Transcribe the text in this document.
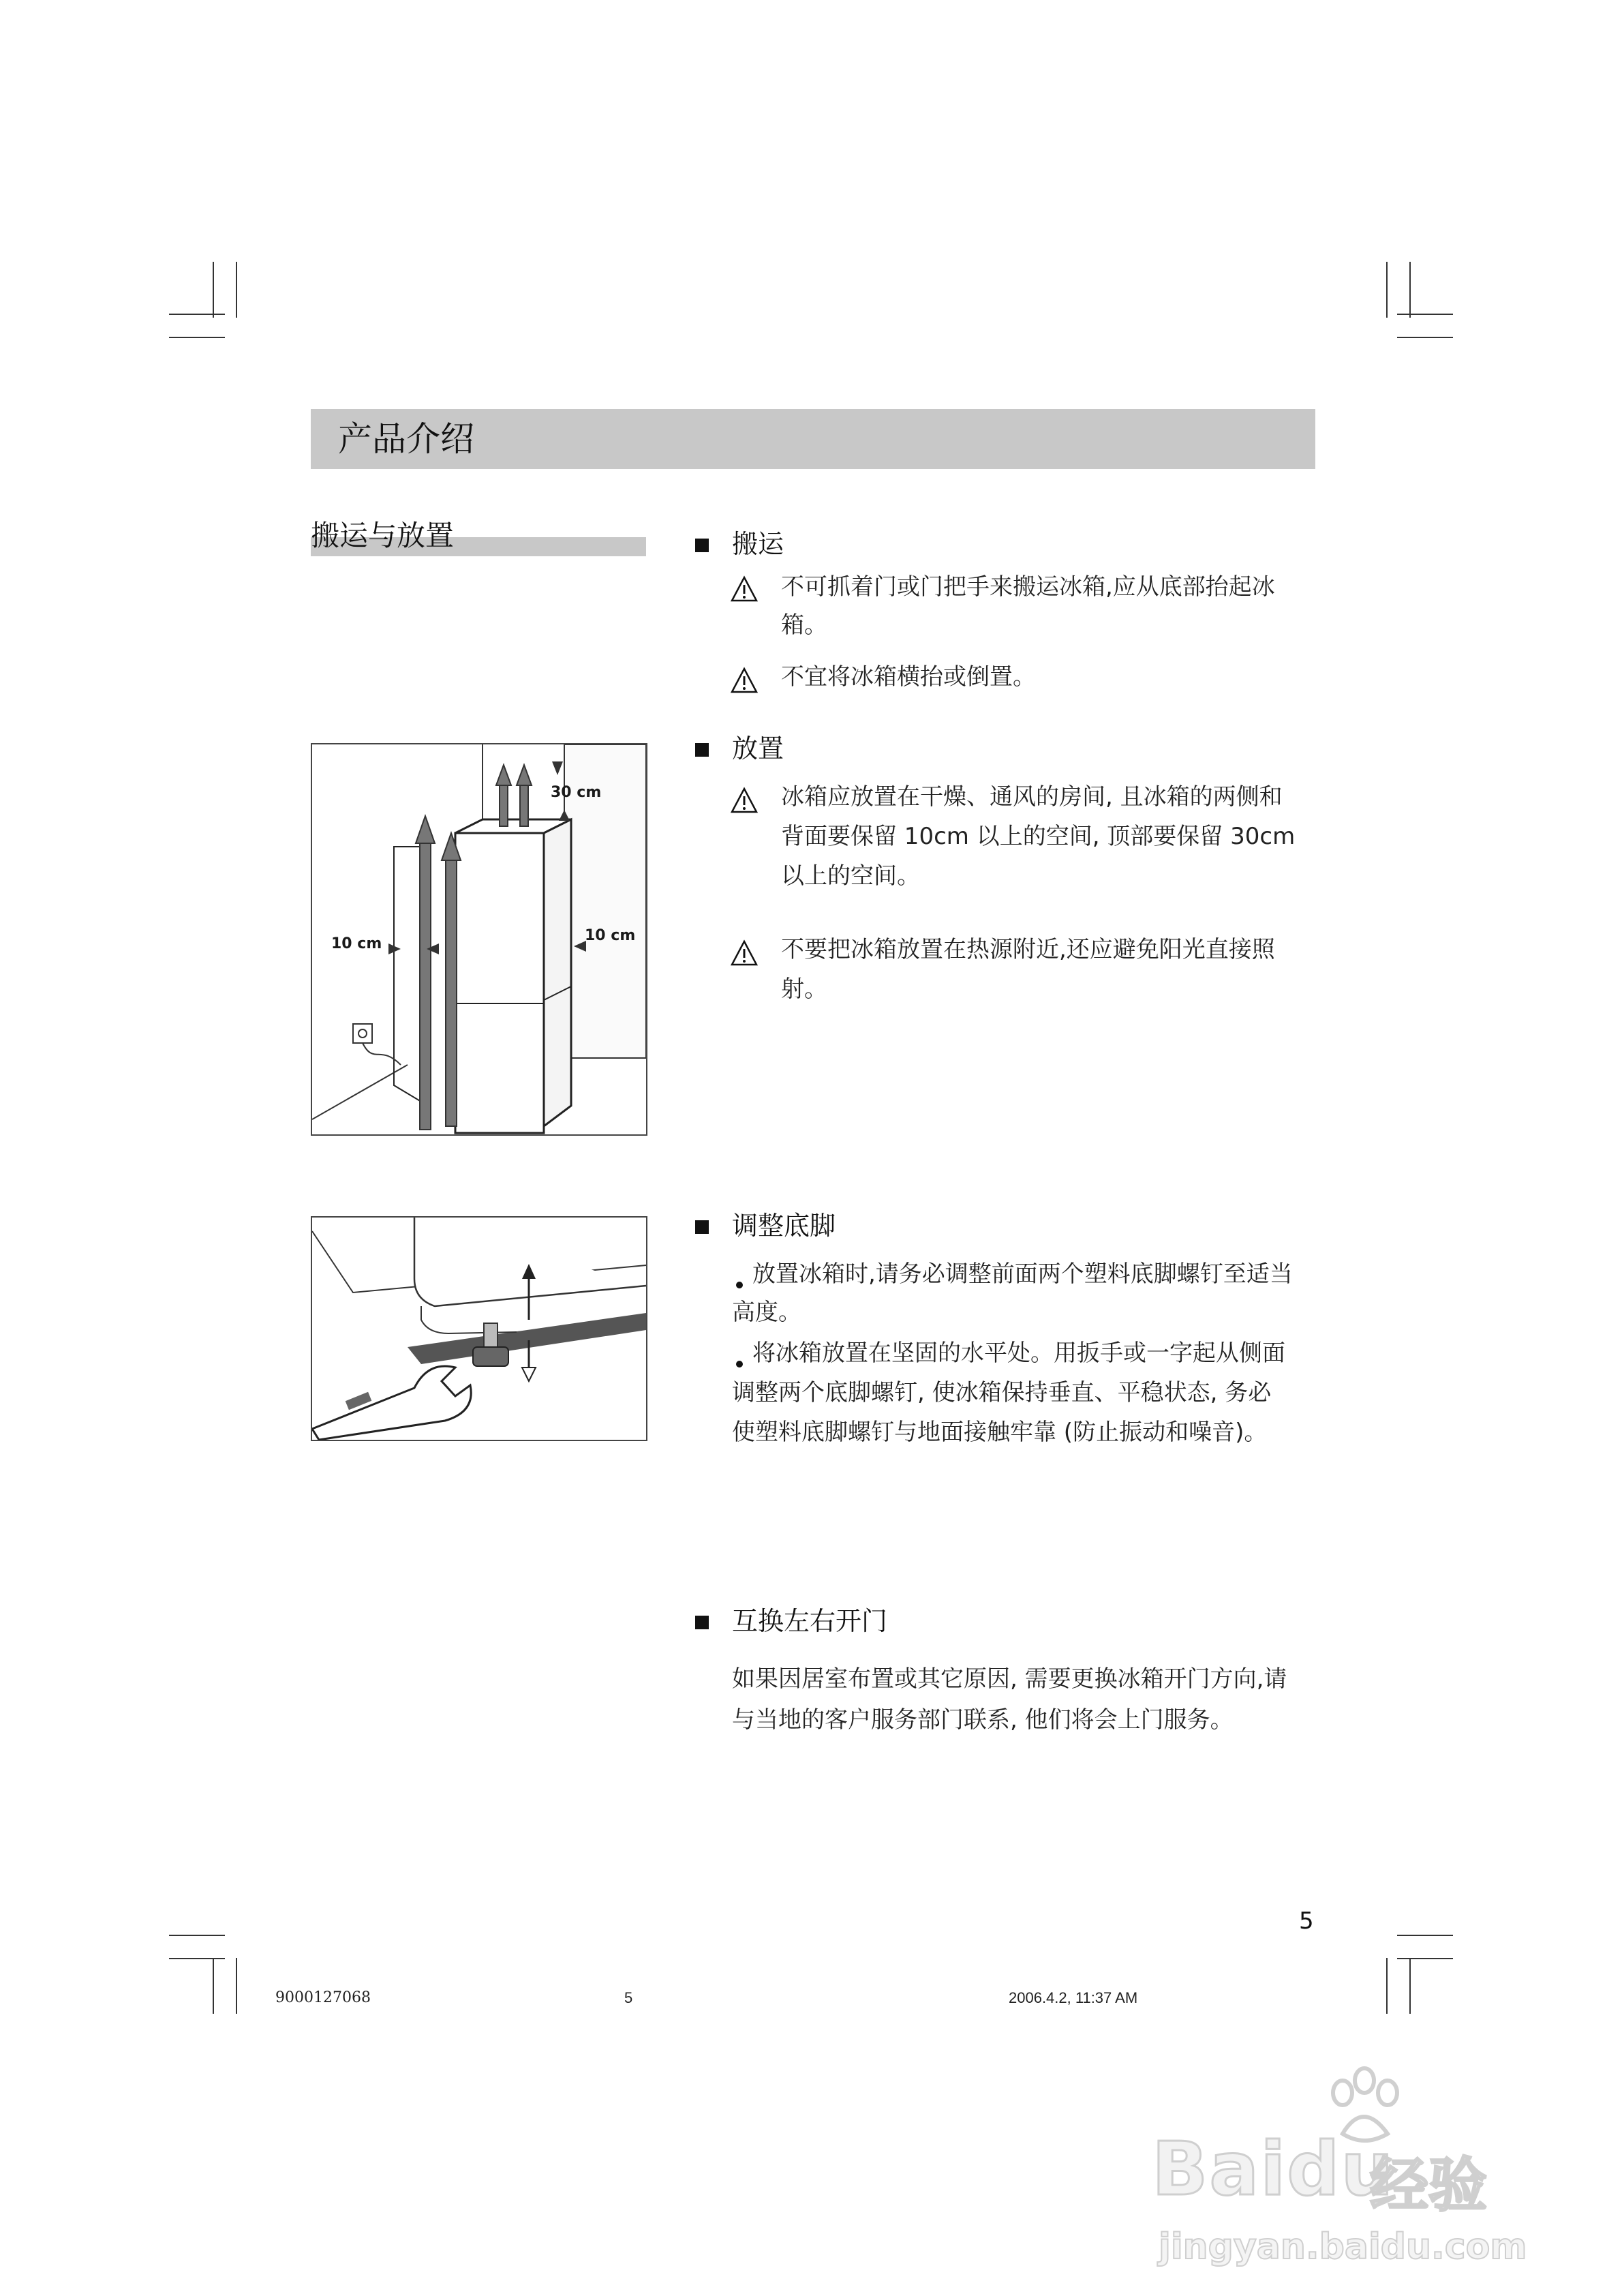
产品介绍
搬运与放置	搬运
不可抓着门或门把手来搬运冰箱,应从底部抬起冰
箱。
不宜将冰箱横抬或倒置。
放置
冰箱应放置在干燥、通风的房间, 且冰箱的两侧和
背面要保留 10cm 以上的空间, 顶部要保留 30cm
以上的空间。
不要把冰箱放置在热源附近,还应避免阳光直接照
射。
30 cm
10 cm	10 cm
调整底脚
放置冰箱时,请务必调整前面两个塑料底脚螺钉至适当
高度。
将冰箱放置在坚固的水平处。用扳手或一字起从侧面
调整两个底脚螺钉, 使冰箱保持垂直、平稳状态, 务必
使塑料底脚螺钉与地面接触牢靠 (防止振动和噪音)。
互换左右开门
如果因居室布置或其它原因, 需要更换冰箱开门方向,请
与当地的客户服务部门联系, 他们将会上门服务。
5
9000127068	5	2006.4.2, 11:37 AM
Baidu
经验
jingyan.baidu.com
